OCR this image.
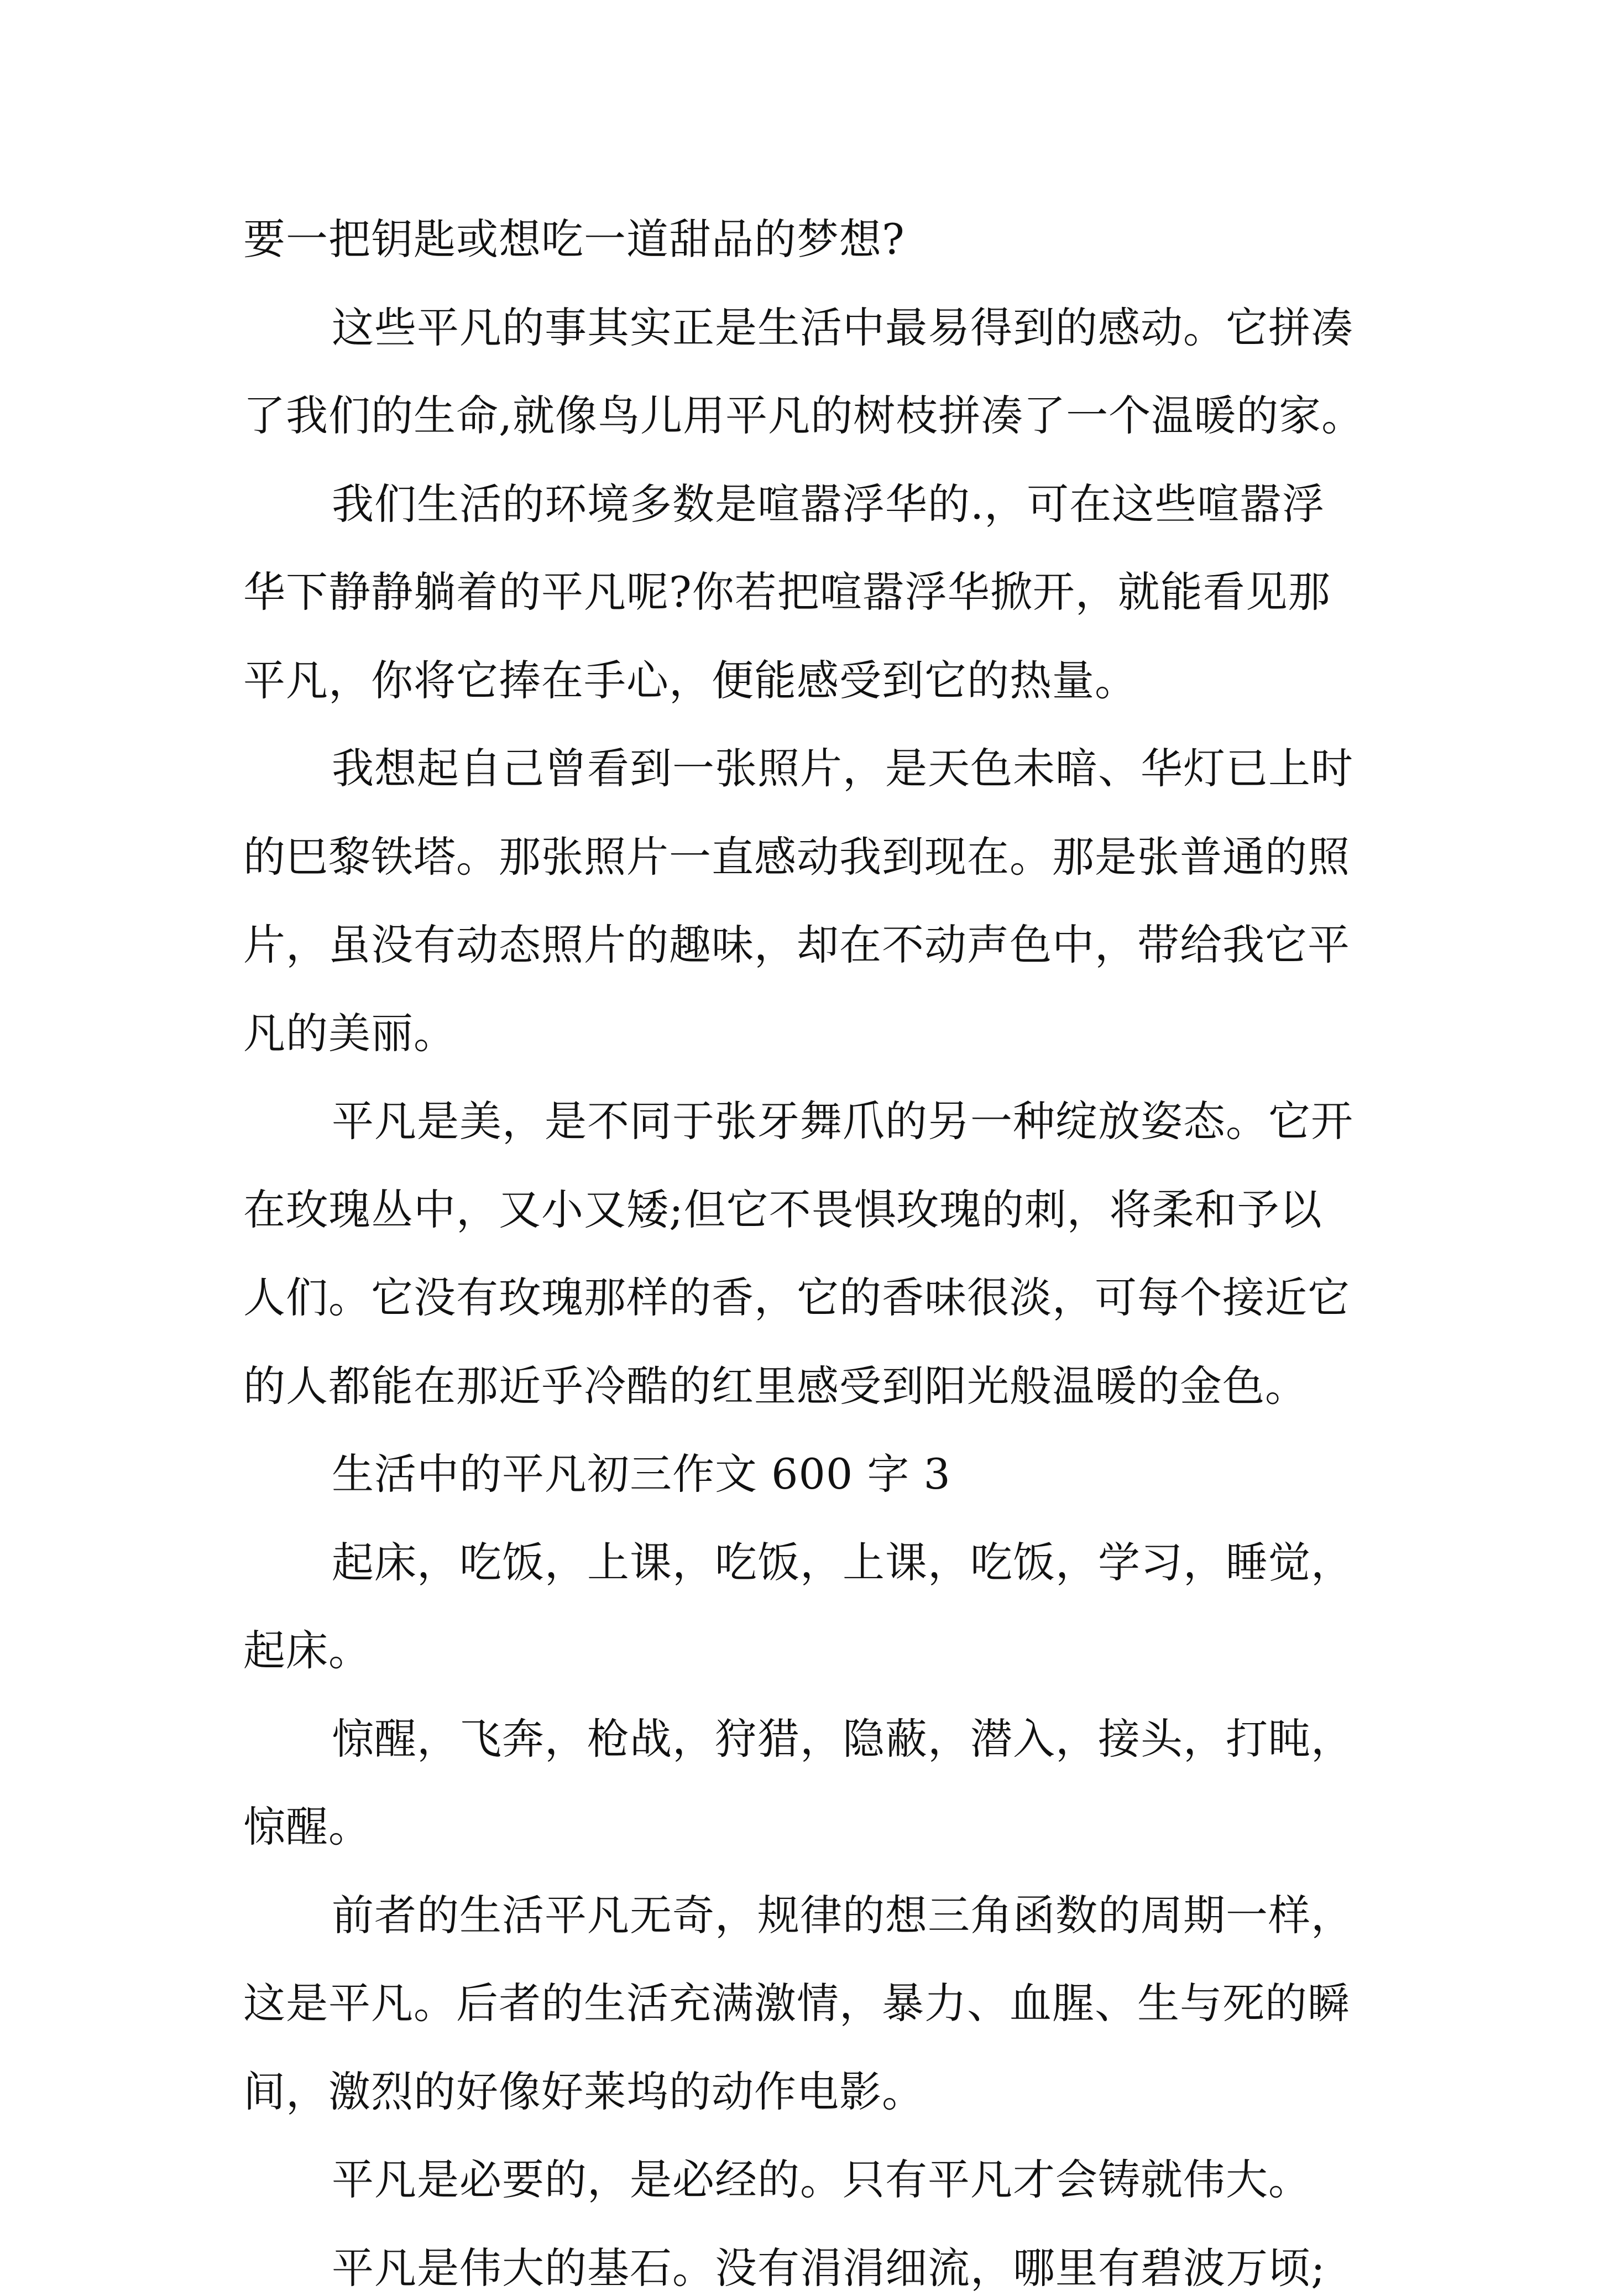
要一把钥匙或想吃一道甜品的梦想?
这些平凡的事其实正是生活中最易得到的感动。它拼凑
了我们的生命,就像鸟儿用平凡的树枝拼凑了一个温暖的家。
我们生活的环境多数是喧嚣浮华的.，可在这些喧嚣浮
华下静静躺着的平凡呢?你若把喧嚣浮华掀开，就能看见那
平凡，你将它捧在手心，便能感受到它的热量。
我想起自己曾看到一张照片，是天色未暗、华灯已上时
的巴黎铁塔。那张照片一直感动我到现在。那是张普通的照
片，虽没有动态照片的趣味，却在不动声色中，带给我它平
凡的美丽。
平凡是美，是不同于张牙舞爪的另一种绽放姿态。它开
在玫瑰丛中，又小又矮;但它不畏惧玫瑰的刺，将柔和予以
人们。它没有玫瑰那样的香，它的香味很淡，可每个接近它
的人都能在那近乎冷酷的红里感受到阳光般温暖的金色。
生活中的平凡初三作文 600 字 3
起床，吃饭，上课，吃饭，上课，吃饭，学习，睡觉，
起床。
惊醒，飞奔，枪战，狩猎，隐蔽，潜入，接头，打盹，
惊醒。
前者的生活平凡无奇，规律的想三角函数的周期一样，
这是平凡。后者的生活充满激情，暴力、血腥、生与死的瞬
间，激烈的好像好莱坞的动作电影。
平凡是必要的，是必经的。只有平凡才会铸就伟大。
平凡是伟大的基石。没有涓涓细流，哪里有碧波万顷;
